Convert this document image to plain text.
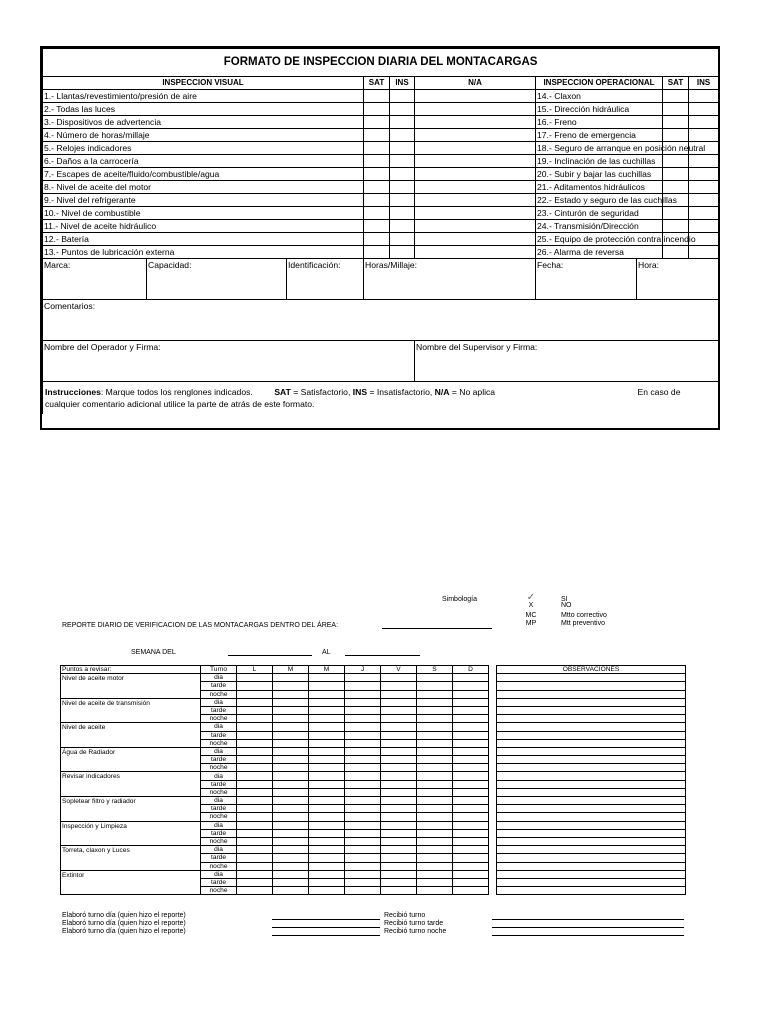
FORMATO DE INSPECCION DIARIA DEL MONTACARGAS										
INSPECCION VISUAL			SAT	INS	N/A	INSPECCION OPERACIONAL		SAT	INS	
1.- Llantas/revestimiento/presión de aire						14.- Claxon				
2.- Todas las luces						15.- Dirección hidráulica				
3.- Dispositivos de advertencia						16.- Freno				
4.- Número de horas/millaje						17.- Freno de emergencia				
5.- Relojes indicadores						18.- Seguro de arranque en posición neutral				
6.- Daños a la carrocería						19.- Inclinación de las cuchillas				
7.- Escapes de aceite/fluido/combustible/agua						20.- Subir y bajar las cuchillas				
8.- Nivel de aceite del motor						21.- Aditamentos hidráulicos				
9.- Nivel del refrigerante						22.- Estado y seguro de las cuchillas				
10.- Nivel de combustible						23.- Cinturón de seguridad				
11.- Nivel de aceite hidráulico						24.- Transmisión/Dirección				
12.- Batería						25.- Equipo de protección contra incendio				
13.- Puntos de lubricación externa						26.- Alarma de reversa				
Marca:	Capacidad:	Identificación:	Horas/Millaje:			Fecha:	Hora:			
Comentarios:										
Nombre del Operador y Firma:					Nombre del Supervisor y Firma:					
Instrucciones: Marque todos los renglones indicados. SAT = Satisfactorio, INS = Insatisfactorio, N/A = No aplica En caso de
cualquier comentario adicional utilice la parte de atrás de este formato.										
Simbología	✓	SI
X	NO
MC	Mtto correctivo
MP	Mtt preventivo
REPORTE DIARIO DE VERIFICACION DE LAS MONTACARGAS DENTRO DEL ÁREA:
SEMANA DEL	AL
Puntos a revisar:	Turno	L	M	M	J	V	S	D
Nivel de aceite motor	dia							
	tarde							
	noche							
Nivel de aceite de transmisión	dia							
	tarde							
	noche							
Nivel de aceite	dia							
	tarde							
	noche							
Água de Radiador	dia							
	tarde							
	noche							
Revisar indicadores	dia							
	tarde							
	noche							
Sopletear filtro y radiador	dia							
	tarde							
	noche							
Inspección y Limpieza	dia							
	tarde							
	noche							
Torreta, claxon y Luces	dia							
	tarde							
	noche							
Extintor	dia							
	tarde							
	noche							
OBSERVACIONES

Elaboró turno día (quien hizo el reporte)	Recibió turno
Elaboró turno día (quien hizo el reporte)	Recibió turno tarde
Elaboró turno día (quien hizo el reporte)	Recibió turno noche
